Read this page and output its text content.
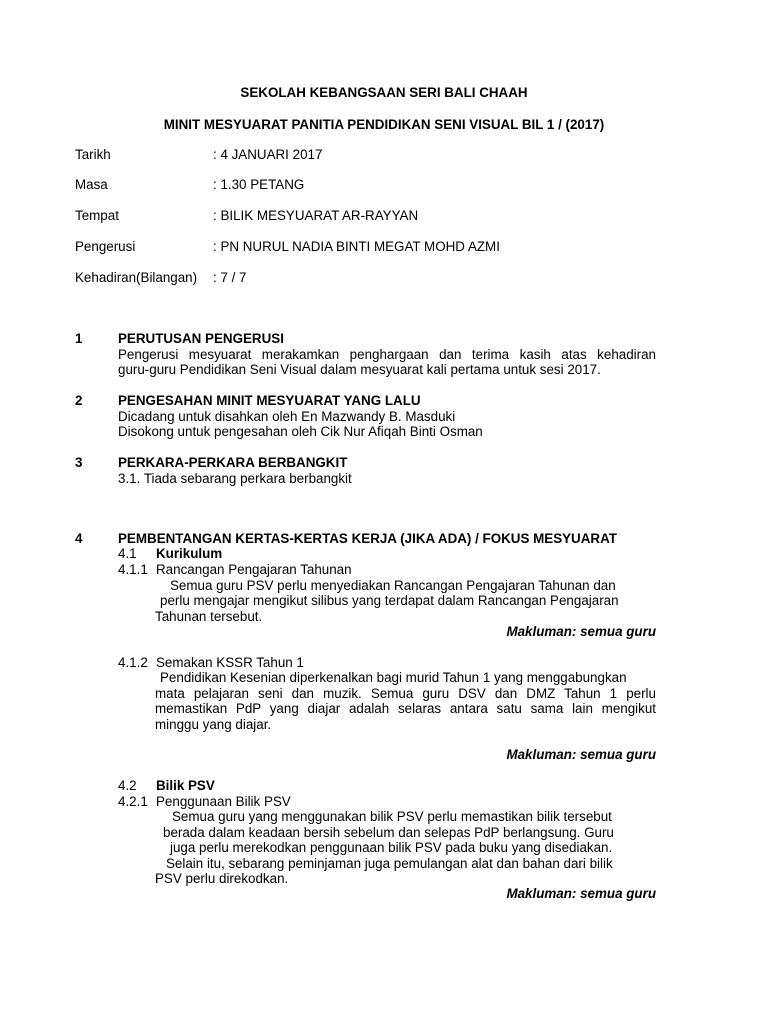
SEKOLAH KEBANGSAAN SERI BALI CHAAH
MINIT MESYUARAT PANITIA PENDIDIKAN SENI VISUAL BIL 1 / (2017)
Tarikh	: 4 JANUARI 2017
Masa	: 1.30 PETANG
Tempat	: BILIK MESYUARAT AR-RAYYAN
Pengerusi	: PN NURUL NADIA BINTI MEGAT MOHD AZMI
Kehadiran(Bilangan) : 7 / 7
1	PERUTUSAN PENGERUSI
Pengerusi mesyuarat merakamkan penghargaan dan terima kasih atas kehadiran
guru-guru Pendidikan Seni Visual dalam mesyuarat kali pertama untuk sesi 2017.
2	PENGESAHAN MINIT MESYUARAT YANG LALU
Dicadang untuk disahkan oleh En Mazwandy B. Masduki
Disokong untuk pengesahan oleh Cik Nur Afiqah Binti Osman
3	PERKARA-PERKARA BERBANGKIT
3.1. Tiada sebarang perkara berbangkit
4	PEMBENTANGAN KERTAS-KERTAS KERJA (JIKA ADA) / FOKUS MESYUARAT
4.1 Kurikulum
4.1.1 Rancangan Pengajaran Tahunan
Semua guru PSV perlu menyediakan Rancangan Pengajaran Tahunan dan
perlu mengajar mengikut silibus yang terdapat dalam Rancangan Pengajaran
Tahunan tersebut.
Makluman: semua guru
4.1.2 Semakan KSSR Tahun 1
Pendidikan Kesenian diperkenalkan bagi murid Tahun 1 yang menggabungkan
mata pelajaran seni dan muzik. Semua guru DSV dan DMZ Tahun 1 perlu
memastikan PdP yang diajar adalah selaras antara satu sama lain mengikut
minggu yang diajar.
Makluman: semua guru
4.2 Bilik PSV
4.2.1 Penggunaan Bilik PSV
Semua guru yang menggunakan bilik PSV perlu memastikan bilik tersebut
berada dalam keadaan bersih sebelum dan selepas PdP berlangsung. Guru
juga perlu merekodkan penggunaan bilik PSV pada buku yang disediakan.
Selain itu, sebarang peminjaman juga pemulangan alat dan bahan dari bilik
PSV perlu direkodkan.
Makluman: semua guru
